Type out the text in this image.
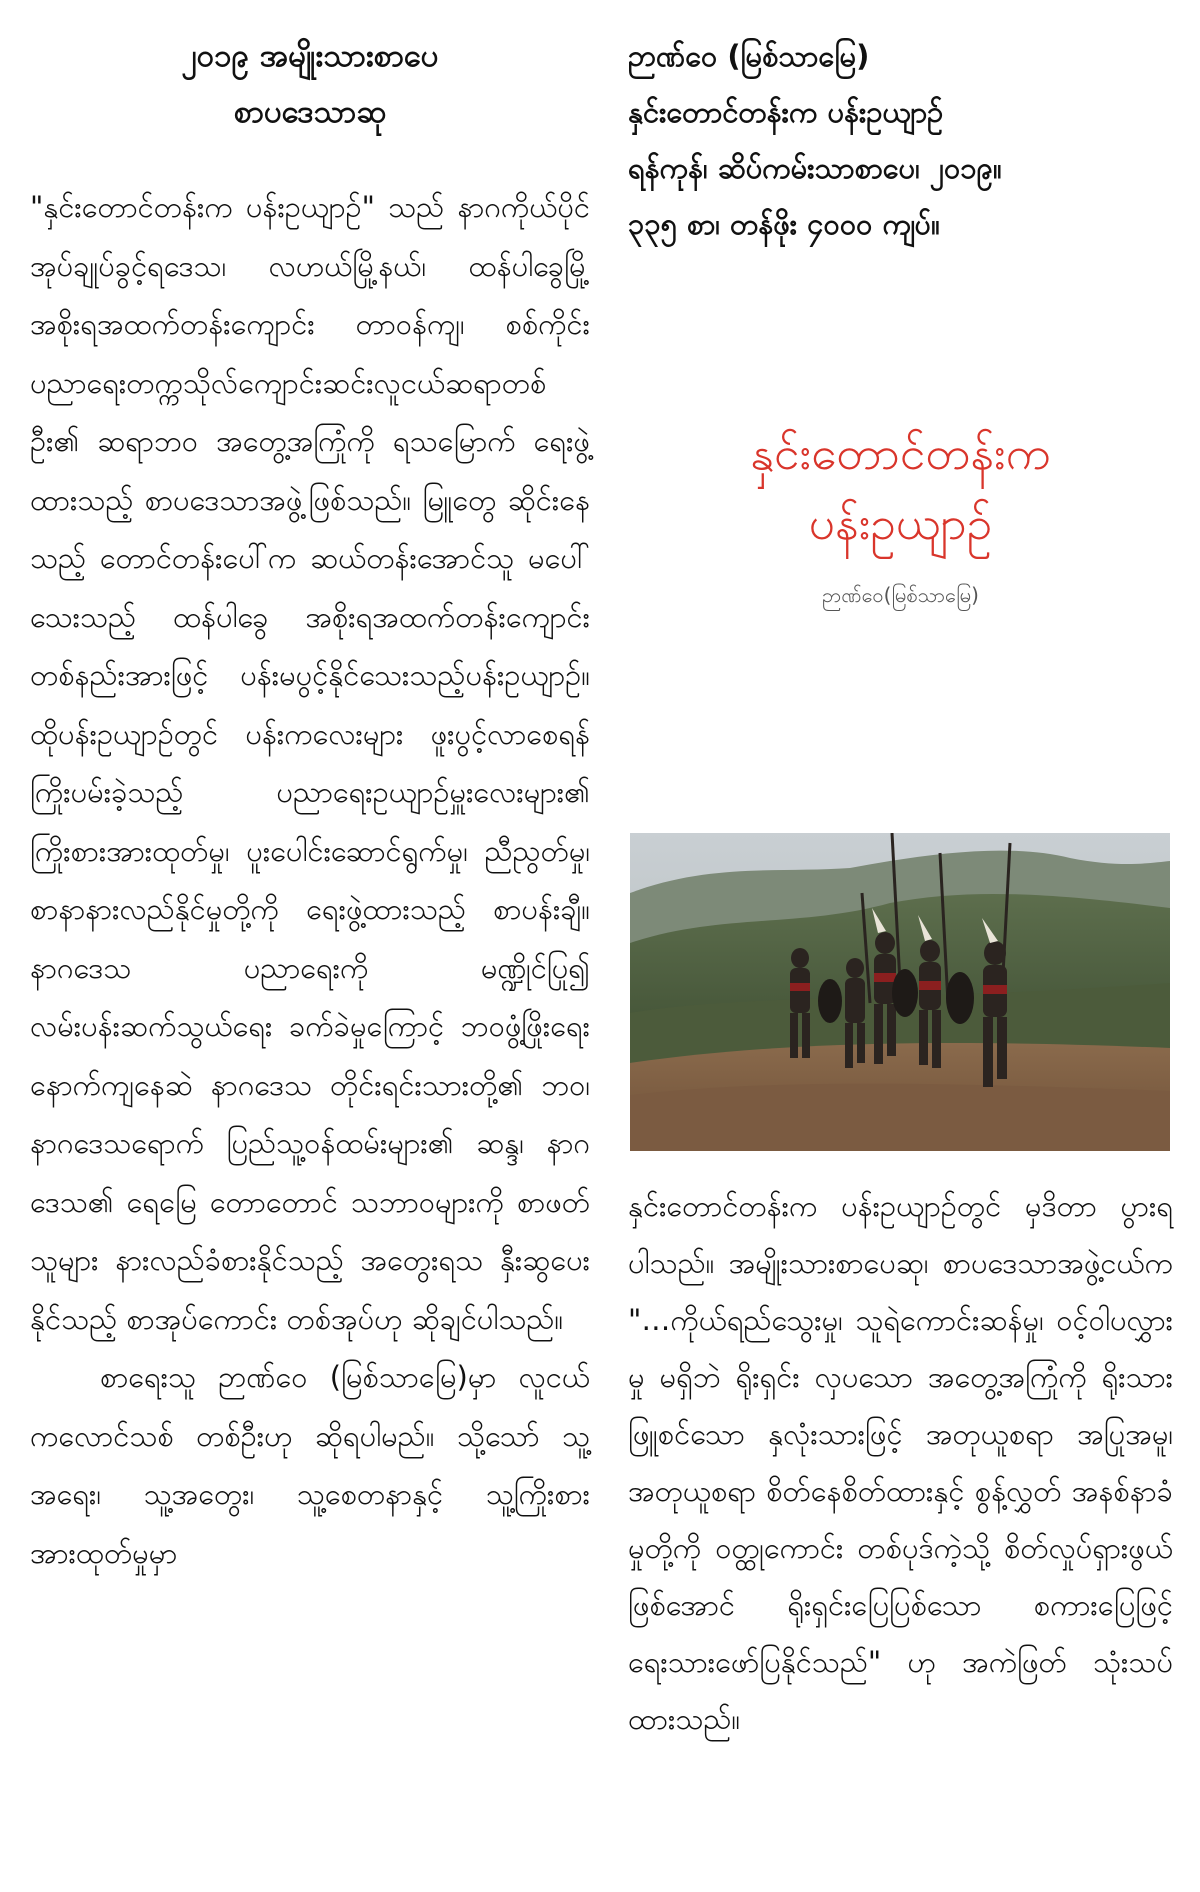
၂၀၁၉ အမျိုးသားစာပေ
စာပဒေသာဆု

"နှင်းတောင်တန်းက ပန်းဥယျာဉ်" သည် နာဂကိုယ်ပိုင်အုပ်ချုပ်ခွင့်ရဒေသ၊ လဟယ်မြို့နယ်၊ ထန်ပါခွေမြို့ အစိုးရအထက်တန်းကျောင်း တာဝန်ကျ၊ စစ်ကိုင်း ပညာရေးတက္ကသိုလ်ကျောင်းဆင်းလူငယ်ဆရာတစ်ဦး၏ ဆရာဘဝ အတွေ့အကြုံကို ရသမြောက် ရေးဖွဲ့ထားသည့် စာပဒေသာအဖွဲ့ဖြစ်သည်။ မြူတွေ ဆိုင်းနေသည့် တောင်တန်းပေါ်က ဆယ်တန်းအောင်သူ မပေါ်သေးသည့် ထန်ပါခွေ အစိုးရအထက်တန်းကျောင်း တစ်နည်းအားဖြင့် ပန်းမပွင့်နိုင်သေးသည့်ပန်းဥယျာဉ်။ ထိုပန်းဥယျာဉ်တွင် ပန်းကလေးများ ဖူးပွင့်လာစေရန် ကြိုးပမ်းခဲ့သည့် ပညာရေးဥယျာဉ်မှူးလေးများ၏ ကြိုးစားအားထုတ်မှု၊ ပူးပေါင်းဆောင်ရွက်မှု၊ ညီညွတ်မှု၊ စာနာနားလည်နိုင်မှုတို့ကို ရေးဖွဲ့ထားသည့် စာပန်းချီ။ နာဂဒေသ ပညာရေးကို မဏ္ဍိုင်ပြု၍ လမ်းပန်းဆက်သွယ်ရေး ခက်ခဲမှုကြောင့် ဘဝဖွံ့ဖြိုးရေး နောက်ကျနေဆဲ နာဂဒေသ တိုင်းရင်းသားတို့၏ ဘဝ၊ နာဂဒေသရောက် ပြည်သူ့ဝန်ထမ်းများ၏ ဆန္ဒ၊ နာဂဒေသ၏ ရေမြေ တောတောင် သဘာဝများကို စာဖတ်သူများ နားလည်ခံစားနိုင်သည့် အတွေးရသ နှီးဆွပေးနိုင်သည့် စာအုပ်ကောင်း တစ်အုပ်ဟု ဆိုချင်ပါသည်။

စာရေးသူ ဉာဏ်ဝေ (မြစ်သာမြေ)မှာ လူငယ်ကလောင်သစ် တစ်ဦးဟု ဆိုရပါမည်။ သို့သော် သူ့အရေး၊ သူ့အတွေး၊ သူ့စေတနာနှင့် သူ့ကြိုးစားအားထုတ်မှုမှာ

ဉာဏ်ဝေ (မြစ်သာမြေ)
နှင်းတောင်တန်းက ပန်းဥယျာဉ်
ရန်ကုန်၊ ဆိပ်ကမ်းသာစာပေ၊ ၂၀၁၉။
၃၃၅ စာ၊ တန်ဖိုး ၄၀၀၀ ကျပ်။
နှင်းတောင်တန်းက
ပန်းဥယျာဉ်
ဉာဏ်ဝေ(မြစ်သာမြေ)

နှင်းတောင်တန်းက ပန်းဥယျာဉ်တွင် မှဒိတာ ပွားရပါသည်။ အမျိုးသားစာပေဆု၊ စာပဒေသာအဖွဲ့ငယ်က "…ကိုယ်ရည်သွေးမှု၊ သူရဲကောင်းဆန်မှု၊ ဝင့်ဝါပလွှားမှု မရှိဘဲ ရိုးရှင်း လှပသော အတွေ့အကြုံကို ရိုးသားဖြူစင်သော နှလုံးသားဖြင့် အတုယူစရာ အပြုအမူ၊ အတုယူစရာ စိတ်နေစိတ်ထားနှင့် စွန့်လွှတ် အနစ်နာခံမှုတို့ကို ဝတ္ထုကောင်း တစ်ပုဒ်ကဲ့သို့ စိတ်လှုပ်ရှားဖွယ် ဖြစ်အောင် ရိုးရှင်းပြေပြစ်သော စကားပြေဖြင့် ရေးသားဖော်ပြနိုင်သည်" ဟု အကဲဖြတ် သုံးသပ်ထားသည်။
